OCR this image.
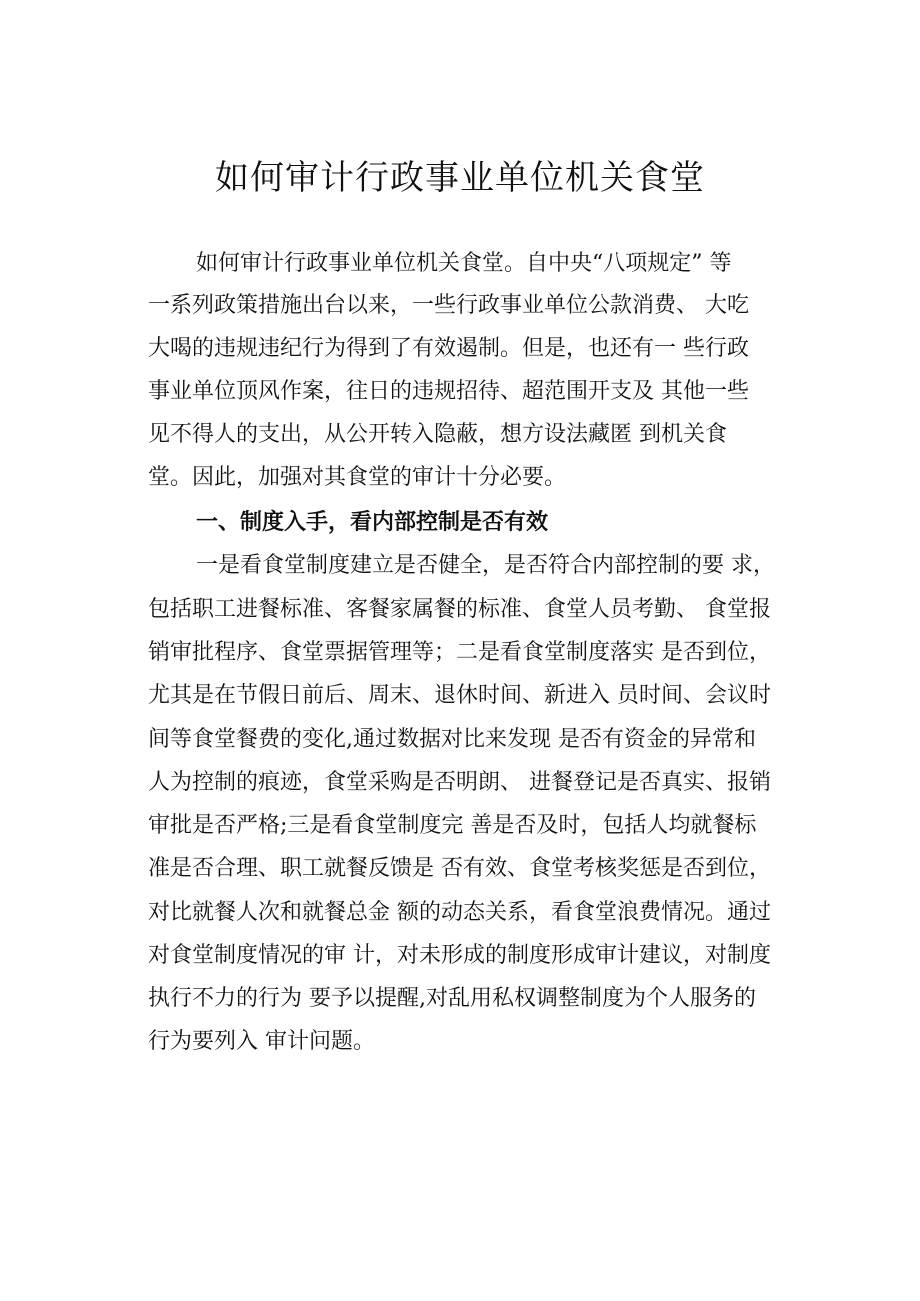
如何审计行政事业单位机关食堂
如何审计行政事业单位机关食堂。自中央“八项规定” 等
一系列政策措施出台以来，一些行政事业单位公款消费、 大吃
大喝的违规违纪行为得到了有效遏制。但是，也还有一 些行政
事业单位顶风作案，往日的违规招待、超范围开支及 其他一些
见不得人的支出，从公开转入隐蔽，想方设法藏匿 到机关食
堂。因此，加强对其食堂的审计十分必要。
一、制度入手，看内部控制是否有效
一是看食堂制度建立是否健全，是否符合内部控制的要 求，
包括职工进餐标准、客餐家属餐的标准、食堂人员考勤、 食堂报
销审批程序、食堂票据管理等；二是看食堂制度落实 是否到位，
尤其是在节假日前后、周末、退休时间、新进入 员时间、会议时
间等食堂餐费的变化,通过数据对比来发现 是否有资金的异常和
人为控制的痕迹，食堂采购是否明朗、 进餐登记是否真实、报销
审批是否严格;三是看食堂制度完 善是否及时，包括人均就餐标
准是否合理、职工就餐反馈是 否有效、食堂考核奖惩是否到位，
对比就餐人次和就餐总金 额的动态关系，看食堂浪费情况。通过
对食堂制度情况的审 计，对未形成的制度形成审计建议，对制度
执行不力的行为 要予以提醒,对乱用私权调整制度为个人服务的
行为要列入 审计问题。
